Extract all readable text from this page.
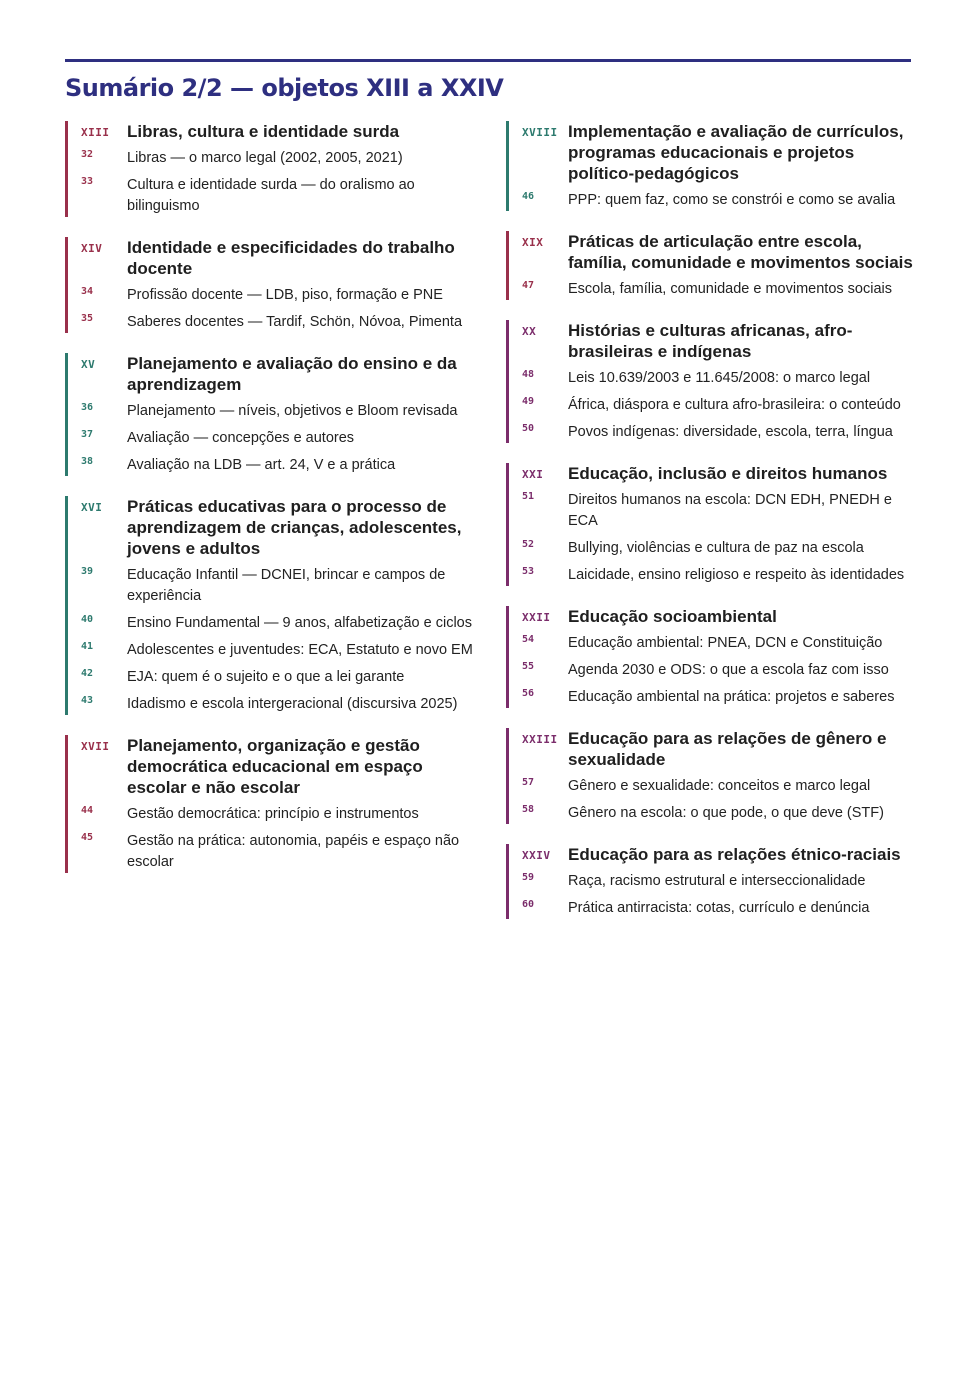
Sumário 2/2 — objetos XIII a XXIV
XIII	Libras, cultura e identidade surda
32	Libras — o marco legal (2002, 2005, 2021)
33	Cultura e identidade surda — do oralismo ao bilinguismo
XIV	Identidade e especificidades do trabalho docente
34	Profissão docente — LDB, piso, formação e PNE
35	Saberes docentes — Tardif, Schön, Nóvoa, Pimenta
XV	Planejamento e avaliação do ensino e da aprendizagem
36	Planejamento — níveis, objetivos e Bloom revisada
37	Avaliação — concepções e autores
38	Avaliação na LDB — art. 24, V e a prática
XVI	Práticas educativas para o processo de aprendizagem de crianças, adolescentes, jovens e adultos
39	Educação Infantil — DCNEI, brincar e campos de experiência
40	Ensino Fundamental — 9 anos, alfabetização e ciclos
41	Adolescentes e juventudes: ECA, Estatuto e novo EM
42	EJA: quem é o sujeito e o que a lei garante
43	Idadismo e escola intergeracional (discursiva 2025)
XVII	Planejamento, organização e gestão democrática educacional em espaço escolar e não escolar
44	Gestão democrática: princípio e instrumentos
45	Gestão na prática: autonomia, papéis e espaço não escolar
XVIII Implementação e avaliação de currículos, programas educacionais e projetos político-pedagógicos
46	PPP: quem faz, como se constrói e como se avalia
XIX	Práticas de articulação entre escola, família, comunidade e movimentos sociais
47	Escola, família, comunidade e movimentos sociais
XX	Histórias e culturas africanas, afro-brasileiras e indígenas
48	Leis 10.639/2003 e 11.645/2008: o marco legal
49	África, diáspora e cultura afro-brasileira: o conteúdo
50	Povos indígenas: diversidade, escola, terra, língua
XXI	Educação, inclusão e direitos humanos
51	Direitos humanos na escola: DCN EDH, PNEDH e ECA
52	Bullying, violências e cultura de paz na escola
53	Laicidade, ensino religioso e respeito às identidades
XXII	Educação socioambiental
54	Educação ambiental: PNEA, DCN e Constituição
55	Agenda 2030 e ODS: o que a escola faz com isso
56	Educação ambiental na prática: projetos e saberes
XXIII Educação para as relações de gênero e sexualidade
57	Gênero e sexualidade: conceitos e marco legal
58	Gênero na escola: o que pode, o que deve (STF)
XXIV	Educação para as relações étnico-raciais
59	Raça, racismo estrutural e interseccionalidade
60	Prática antirracista: cotas, currículo e denúncia
